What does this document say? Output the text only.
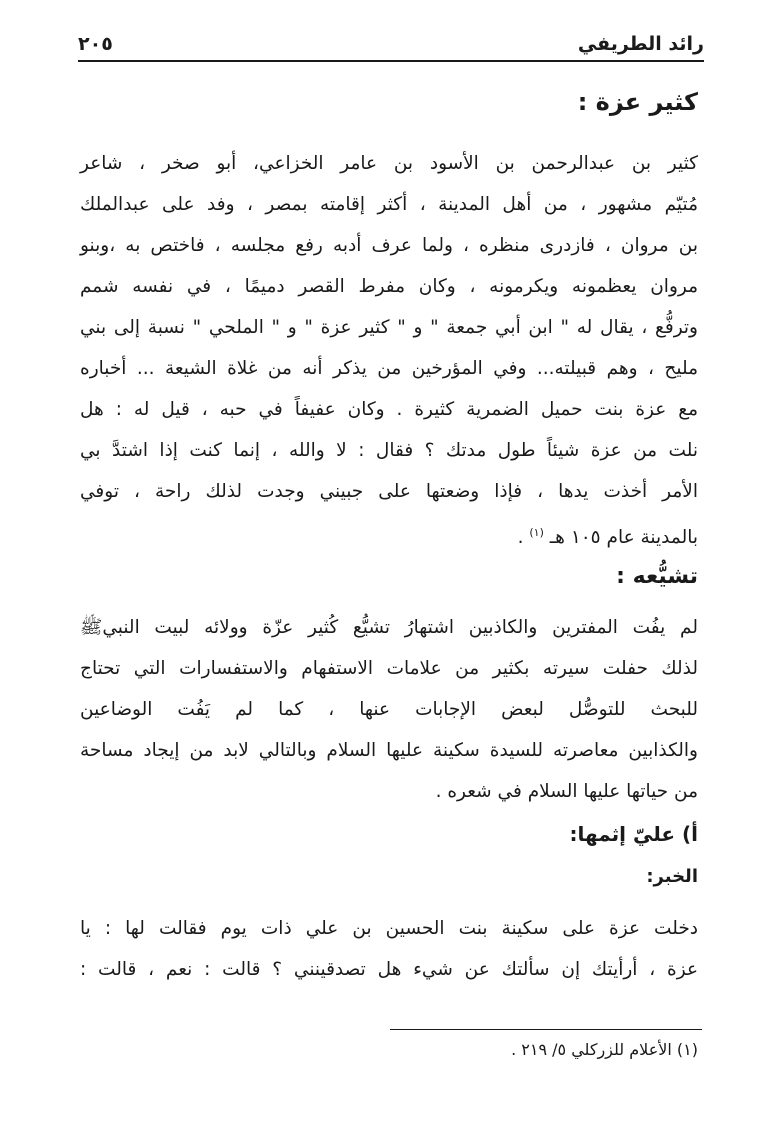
رائد الطريفي
٢٠٥
كثير عزة :

كثير بن عبدالرحمن بن الأسود بن عامر الخزاعي، أبو صخر ، شاعر

مُتيّم مشهور ، من أهل المدينة ، أكثر إقامته بمصر ، وفد على عبدالملك

بن مروان ، فازدرى منظره ، ولما عرف أدبه رفع مجلسه ، فاختص به ،وبنو

مروان يعظمونه ويكرمونه ، وكان مفرط القصر دميمًا ، في نفسه شمم

وترفُّع ، يقال له " ابن أبي جمعة " و " كثير عزة " و " الملحي " نسبة إلى بني

مليح ، وهم قبيلته... وفي المؤرخين من يذكر أنه من غلاة الشيعة ... أخباره

مع عزة بنت حميل الضمرية كثيرة . وكان عفيفاً في حبه ، قيل له : هل

نلت من عزة شيئاً طول مدتك ؟ فقال : لا والله ، إنما كنت إذا اشتدَّ بي

الأمر أخذت يدها ، فإذا وضعتها على جبيني وجدت لذلك راحة ، توفي

بالمدينة عام ١٠٥ هـ $^{(١)}$ .

تشيُّعه :

لم يفُت المفترين والكاذبين اشتهارُ تشيُّع كُثير عزّة وولائه لبيت النبيﷺ

لذلك حفلت سيرته بكثير من علامات الاستفهام والاستفسارات التي تحتاج

للبحث للتوصُّل لبعض الإجابات عنها ، كما لم يَفُت الوضاعين

والكذابين معاصرته للسيدة سكينة عليها السلام وبالتالي لابد من إيجاد مساحة

من حياتها عليها السلام في شعره .

أ) عليّ إثمها:
الخبر:

دخلت عزة على سكينة بنت الحسين بن علي ذات يوم فقالت لها : يا

عزة ، أرأيتك إن سألتك عن شيء هل تصدقينني ؟ قالت : نعم ، قالت :

(١) الأعلام للزركلي ٥/ ٢١٩ .
